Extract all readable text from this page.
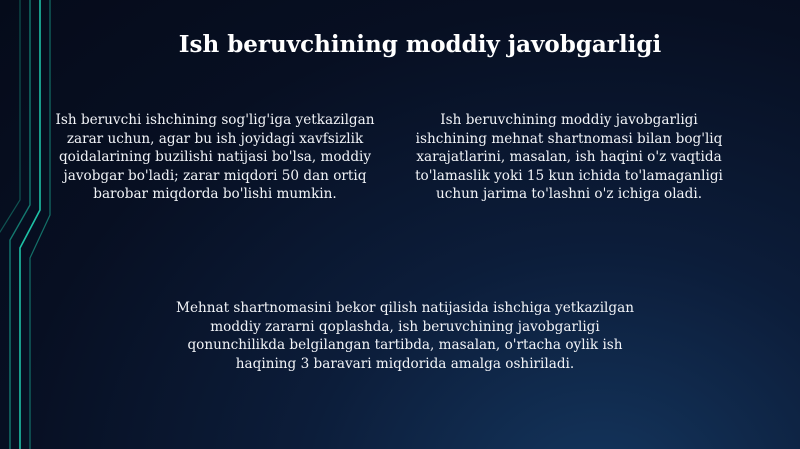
Ish beruvchining moddiy javobgarligi
Ish beruvchi ishchining sog'lig'iga yetkazilgan zarar uchun, agar bu ish joyidagi xavfsizlik qoidalarining buzilishi natijasi bo'lsa, moddiy javobgar bo'ladi; zarar miqdori 50 dan ortiq barobar miqdorda bo'lishi mumkin.
Ish beruvchining moddiy javobgarligi ishchining mehnat shartnomasi bilan bog'liq xarajatlarini, masalan, ish haqini o'z vaqtida to'lamaslik yoki 15 kun ichida to'lamaganligi uchun jarima to'lashni o'z ichiga oladi.
Mehnat shartnomasini bekor qilish natijasida ishchiga yetkazilgan moddiy zararni qoplashda, ish beruvchining javobgarligi qonunchilikda belgilangan tartibda, masalan, o'rtacha oylik ish haqining 3 baravari miqdorida amalga oshiriladi.
